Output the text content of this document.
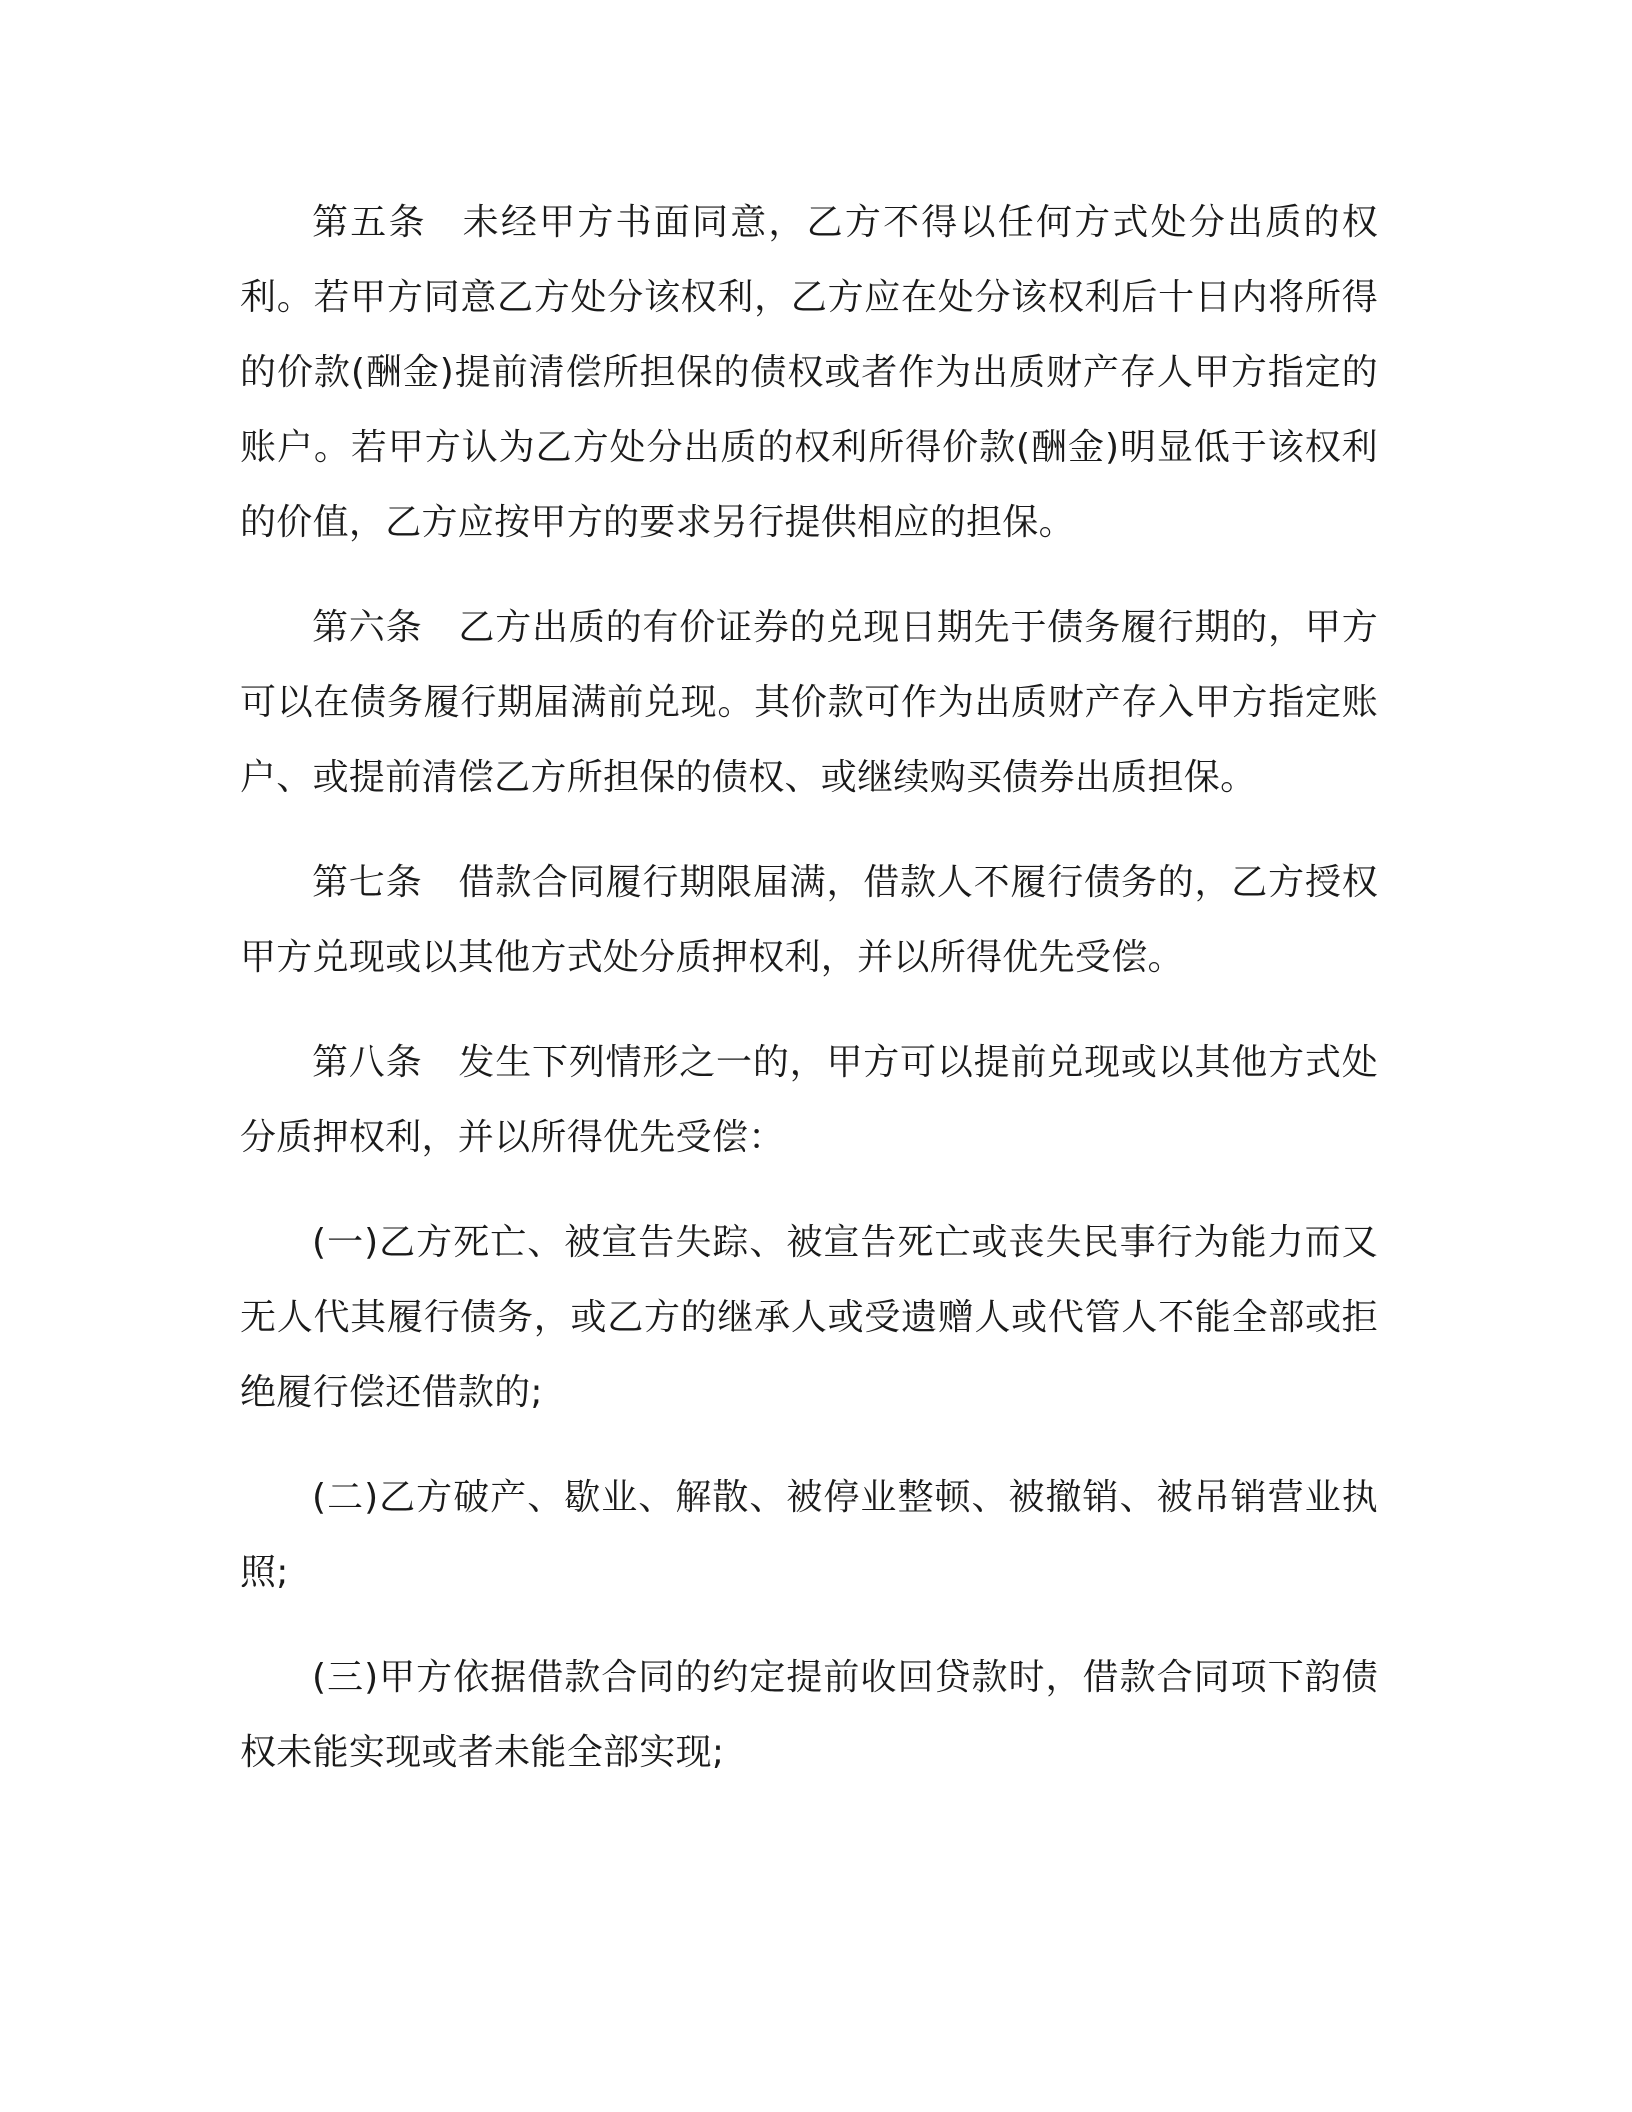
第五条 未经甲方书面同意，乙方不得以任何方式处分出质的权利。若甲方同意乙方处分该权利，乙方应在处分该权利后十日内将所得的价款(酬金)提前清偿所担保的债权或者作为出质财产存人甲方指定的账户。若甲方认为乙方处分出质的权利所得价款(酬金)明显低于该权利的价值，乙方应按甲方的要求另行提供相应的担保。

第六条 乙方出质的有价证券的兑现日期先于债务履行期的，甲方可以在债务履行期届满前兑现。其价款可作为出质财产存入甲方指定账户、或提前清偿乙方所担保的债权、或继续购买债券出质担保。

第七条 借款合同履行期限届满，借款人不履行债务的，乙方授权甲方兑现或以其他方式处分质押权利，并以所得优先受偿。

第八条 发生下列情形之一的，甲方可以提前兑现或以其他方式处分质押权利，并以所得优先受偿：

(一)乙方死亡、被宣告失踪、被宣告死亡或丧失民事行为能力而又无人代其履行债务，或乙方的继承人或受遗赠人或代管人不能全部或拒绝履行偿还借款的;

(二)乙方破产、歇业、解散、被停业整顿、被撤销、被吊销营业执照;

(三)甲方依据借款合同的约定提前收回贷款时，借款合同项下韵债权未能实现或者未能全部实现;
